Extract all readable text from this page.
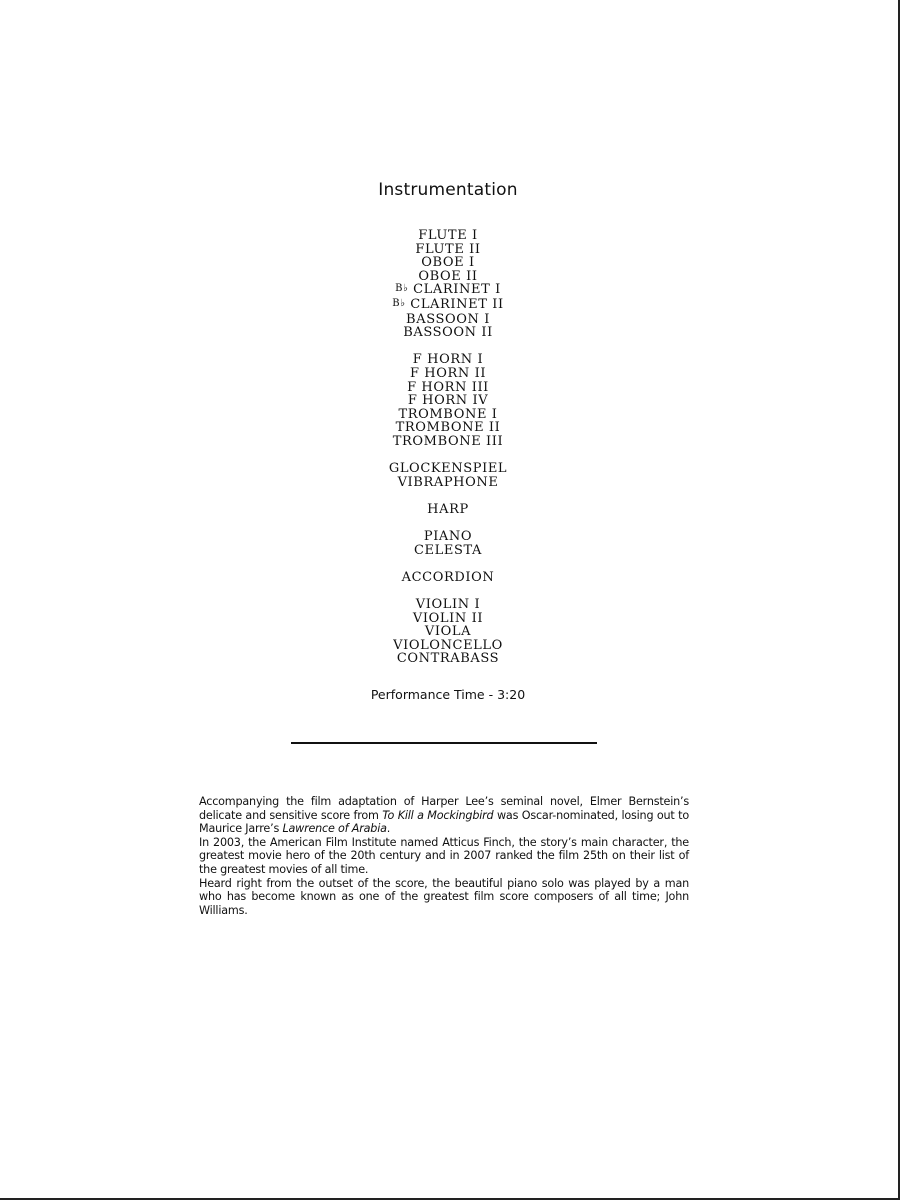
Instrumentation
FLUTE I
FLUTE II
OBOE I
OBOE II
B♭ CLARINET I
B♭ CLARINET II
BASSOON I
BASSOON II
F HORN I
F HORN II
F HORN III
F HORN IV
TROMBONE I
TROMBONE II
TROMBONE III
GLOCKENSPIEL
VIBRAPHONE
HARP
PIANO
CELESTA
ACCORDION
VIOLIN I
VIOLIN II
VIOLA
VIOLONCELLO
CONTRABASS
Performance Time - 3:20

Accompanying the film adaptation of Harper Lee’s seminal novel, Elmer Bernstein’s delicate and sensitive score from To Kill a Mockingbird was Oscar-nominated, losing out to Maurice Jarre’s Lawrence of Arabia.

In 2003, the American Film Institute named Atticus Finch, the story’s main character, the greatest movie hero of the 20th century and in 2007 ranked the film 25th on their list of the greatest movies of all time.

Heard right from the outset of the score, the beautiful piano solo was played by a man who has become known as one of the greatest film score composers of all time; John Williams.
